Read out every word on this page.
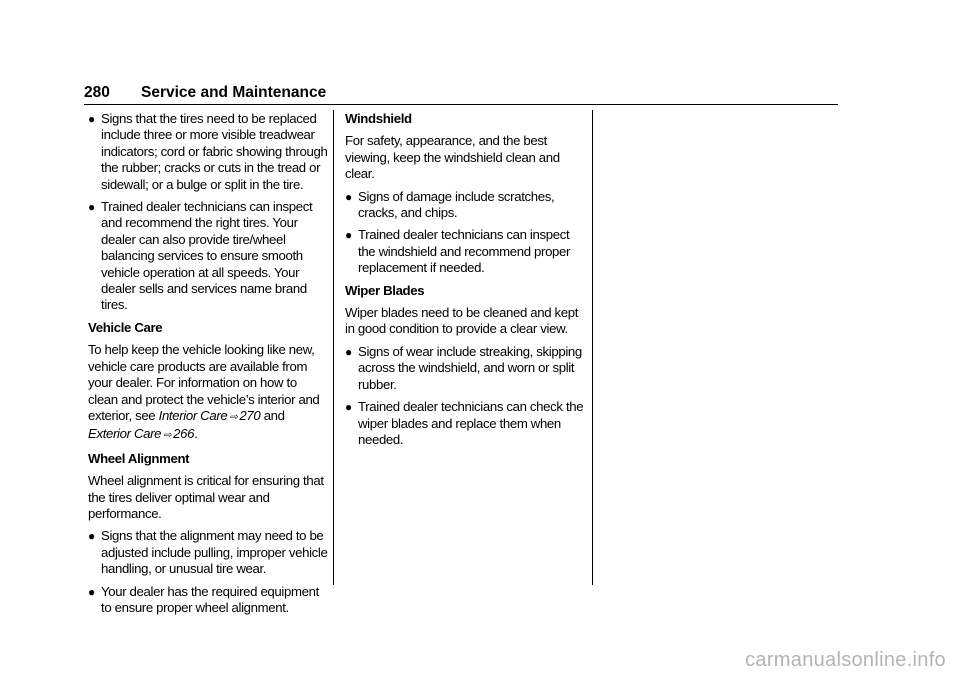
280 Service and Maintenance
● Signs that the tires need to be replaced include three or more visible treadwear indicators; cord or fabric showing through the rubber; cracks or cuts in the tread or sidewall; or a bulge or split in the tire.
● Trained dealer technicians can inspect and recommend the right tires. Your dealer can also provide tire/wheel balancing services to ensure smooth vehicle operation at all speeds. Your dealer sells and services name brand tires.
Vehicle Care
To help keep the vehicle looking like new, vehicle care products are available from your dealer. For information on how to clean and protect the vehicle’s interior and exterior, see Interior Care ⇨ 270 and
Exterior Care ⇨ 266.
Wheel Alignment
Wheel alignment is critical for ensuring that the tires deliver optimal wear and performance.
● Signs that the alignment may need to be adjusted include pulling, improper vehicle handling, or unusual tire wear.
● Your dealer has the required equipment to ensure proper wheel alignment.
Windshield
For safety, appearance, and the best viewing, keep the windshield clean and clear.
● Signs of damage include scratches, cracks, and chips.
● Trained dealer technicians can inspect the windshield and recommend proper replacement if needed.
Wiper Blades
Wiper blades need to be cleaned and kept in good condition to provide a clear view.
● Signs of wear include streaking, skipping across the windshield, and worn or split rubber.
● Trained dealer technicians can check the wiper blades and replace them when needed.
carmanualsonline.info
